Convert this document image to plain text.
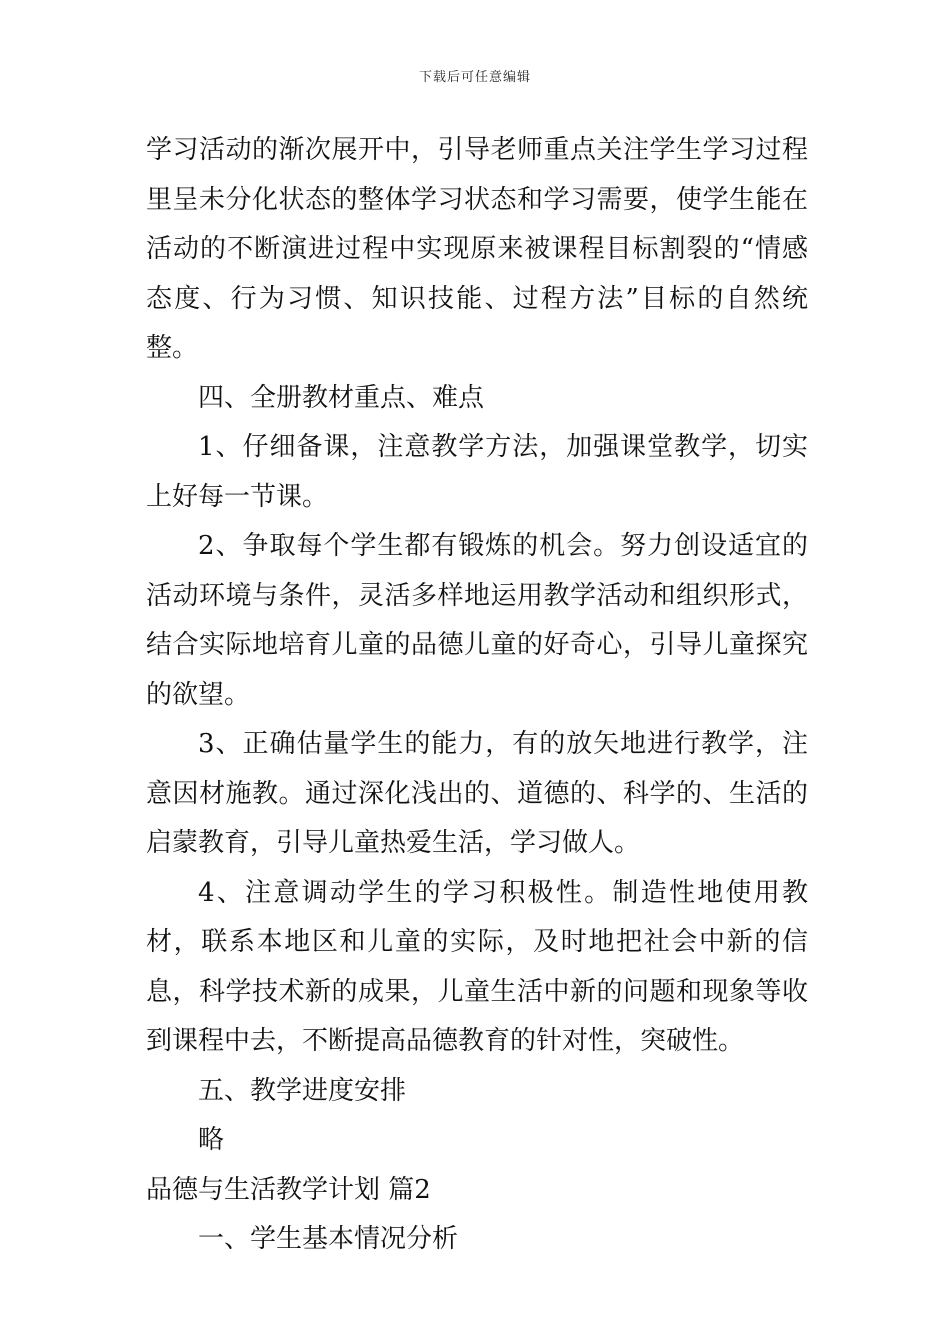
下载后可任意编辑

学习活动的渐次展开中，引导老师重点关注学生学习过程里呈未分化状态的整体学习状态和学习需要，使学生能在活动的不断演进过程中实现原来被课程目标割裂的“情感态度、行为习惯、知识技能、过程方法”目标的自然统整。

四、全册教材重点、难点

1、仔细备课，注意教学方法，加强课堂教学，切实上好每一节课。

2、争取每个学生都有锻炼的机会。努力创设适宜的活动环境与条件，灵活多样地运用教学活动和组织形式，结合实际地培育儿童的品德儿童的好奇心，引导儿童探究的欲望。

3、正确估量学生的能力，有的放矢地进行教学，注意因材施教。通过深化浅出的、道德的、科学的、生活的启蒙教育，引导儿童热爱生活，学习做人。

4、注意调动学生的学习积极性。制造性地使用教材，联系本地区和儿童的实际，及时地把社会中新的信息，科学技术新的成果，儿童生活中新的问题和现象等收到课程中去，不断提高品德教育的针对性，突破性。

五、教学进度安排

略

品德与生活教学计划 篇2

一、学生基本情况分析
